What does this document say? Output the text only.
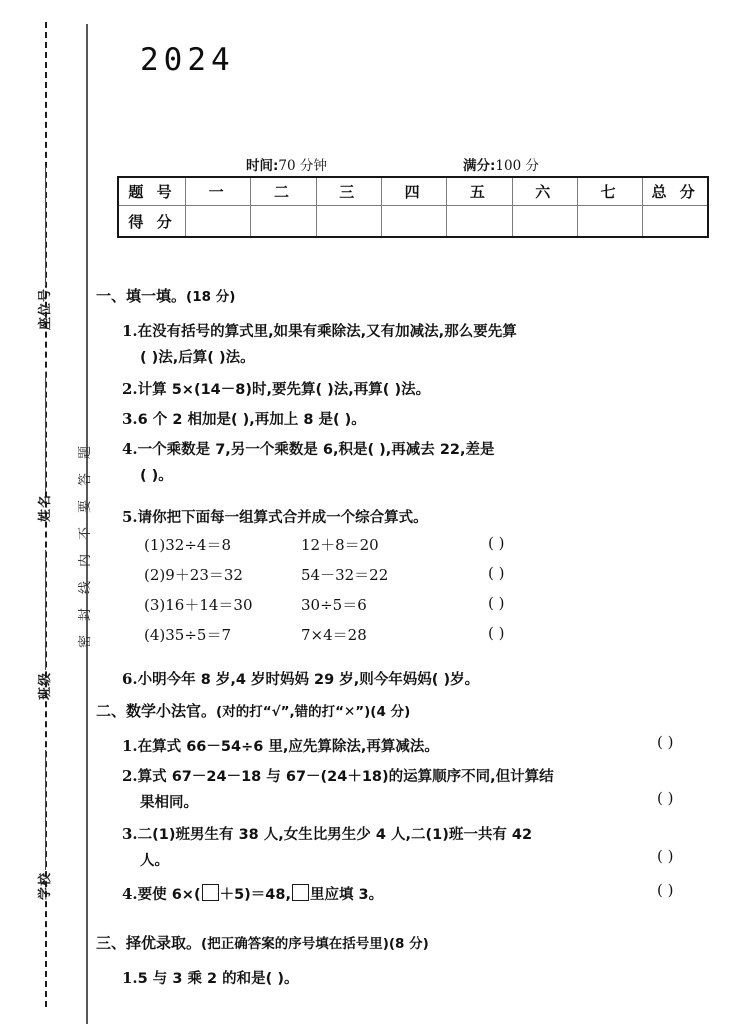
座位号
姓名
班级
学校
密封线内不要答题
2024
时间:70 分钟	满分:100 分
题 号	一	二	三	四	五	六	七	总 分
得 分								
一、填一填。(18 分)
1.在没有括号的算式里,如果有乘除法,又有加减法,那么要先算
( )法,后算( )法。
2.计算 5×(14－8)时,要先算( )法,再算( )法。
3.6 个 2 相加是( ),再加上 8 是( )。
4.一个乘数是 7,另一个乘数是 6,积是( ),再减去 22,差是
( )。
5.请你把下面每一组算式合并成一个综合算式。
(1)32÷4＝8	12＋8＝20	( )
(2)9＋23＝32	54－32＝22	( )
(3)16＋14＝30	30÷5＝6	( )
(4)35÷5＝7	7×4＝28	( )
6.小明今年 8 岁,4 岁时妈妈 29 岁,则今年妈妈( )岁。
二、数学小法官。(对的打“√”,错的打“✕”)(4 分)
1.在算式 66－54÷6 里,应先算除法,再算减法。	( )
2.算式 67－24－18 与 67－(24＋18)的运算顺序不同,但计算结
果相同。	( )
3.二(1)班男生有 38 人,女生比男生少 4 人,二(1)班一共有 42
人。	( )
4.要使 6×( ＋5)＝48, 里应填 3。	( )
三、择优录取。(把正确答案的序号填在括号里)(8 分)
1.5 与 3 乘 2 的和是( )。
